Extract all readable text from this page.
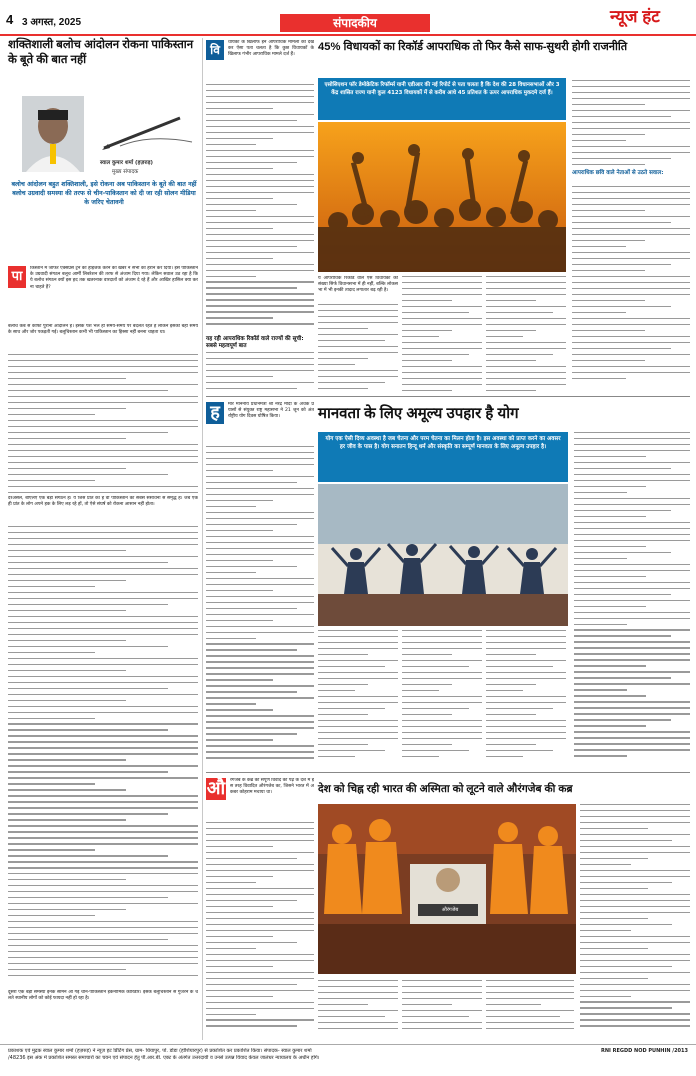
4 3 अगस्त, 2025	संपादकीय	न्यूज हंट
शक्तिशाली बलोच आंदोलन रोकना पाकिस्तान के बूते की बात नहीं
स्वाल कुमार शर्मा (हज़रुड़)
मुख्य संपादक
बलोच आंदोलन बहुत शक्तिशाली, इसे रोकना अब पाकिस्तान के बूते की बात नहीं बलोच उग्रवादी समस्या की तरफ से चीन-पाकिस्तान को दी जा रही सोलन मीडिया के जरिए चेतावनी
पा
किस्तान में जाफर एक्सप्रेस ट्रेन को हाइजैक करने की खबर ने सभी को हैरान कर दिया। इसे पाकिस्तान के उग्रवादी संगठन बलूच आर्मी लिबरेशन की तरफ से अंजाम दिया गया। लेकिन सवाल उठ रहा है कि ये बलोच संगठन क्यों इस हद तक खतरनाक वारदातों को अंजाम दे रहे हैं और आखिर हासिल क्या करना चाहते हैं?
बलोच कब से काफी पुराना आंदोलन है। इसके पेश भले ही समय-समय पर बदलते रहते हैं लेकिन इसकी बहीं समय के साथ और जोर पकड़ती गई। बलूचिस्तान कभी भी पाकिस्तान का हिस्सा नहीं बनना चाहता था।
दरअसल, बीएलए एक बड़ा संगठन है। ये जिस प्रांत का है वो पाकिस्तान का सबसे संसाधनों से समृद्ध है। जब एक ही प्रांत के लोग अपने हक के लिए लड़ रहे हों, तो ऐसे संघर्ष को रोकना आसान नहीं होता।
दूसरी एक बड़ी समस्या इनके सामने आ गई चीन-पाकिस्तान इकनॉमिक कॉरिडोर। इसके बलूचिस्तान से गुजरने के चलते स्थानीय लोगों को कोई फायदा नहीं हो रहा है।
वि
धायकों के खिलाफ इन आपराधिक मामलों को देखकर ऐसा पता चलता है कि कुछ विधायकों के खिलाफ गंभीर आपराधिक मामले दर्ज हैं।
यह रही आपराधिक रिकॉर्ड वाले राज्यों की सूची: सबसे महत्वपूर्ण बात
45% विधायकों का रिकॉर्ड आपराधिक तो फिर कैसे साफ-सुथरी होगी राजनीति
एसोसिएशन फॉर डेमोक्रेटिक रिफॉर्म्स यानी एडीआर की नई रिपोर्ट से पता चलता है कि देश की 28 विधानसभाओं और 3 केंद्र शासित राज्य यानी कुल 4123 विधायकों में से करीब आधे 45 प्रतिशत के ऊपर आपराधिक मुकदमे दर्ज हैं।
आपराधिक छवि वाले नेताओं से उठते सवाल:
ये आपराधिक रिकॉर्ड वाले ऐसे विधायकों की संख्या सिर्फ विधानसभा में ही नहीं, बल्कि लोकसभा में भी इनकी तादाद लगातार बढ़ रही है।
ह	मारे माननीय प्रधानमंत्री श्री नरेंद्र मोदी के अथक प्रयासों से संयुक्त राष्ट्र महासभा ने 21 जून को अंतर्राष्ट्रीय योग दिवस घोषित किया।	मानवता के लिए अमूल्य उपहार है योग
योग एक ऐसी दिव्य अवस्था है जब चेतना और परम चेतना का मिलन होता है। इस अवस्था को प्राप्त करने का अवसर हर जीव के पास है। योग सनातन हिन्दू धर्म और संस्कृति का सम्पूर्ण मानवता के लिए अमूल्य उपहार है।
औ रंगजेब के कब्रें की संपूर्ण विवाद को पढ़ के देश में इस तरह विवादित औरंगजेब का, जिसने भारत में अकबर कोहराम मचाया था।	देश को चिह्न रही भारत की अस्मिता को लूटने वाले औरंगजेब की कब्र
औरंगजेब
प्रकाशक एवं मुद्रक स्वाल कुमार शर्मा (हज़रुड़) ने न्यूज़ हट प्रिंटिंग प्रेस, ग्राम- धियापुर, पो. डोडा (होशियारपुर) से प्रकाशित कर प्रकाशित किया। संपादक- स्वाल कुमार शर्मा	RNI REGDD NOD PUNHIN /2013
/48236 इस अंक में प्रकाशित समस्त समाचारों का चयन एवं संपादन हेतु पी.आर.बी. एक्ट के अंतर्गत उत्तरदायी व उनसे उत्पन्न विवाद केवल जालंधर न्यायालय के अधीन होंगे।
